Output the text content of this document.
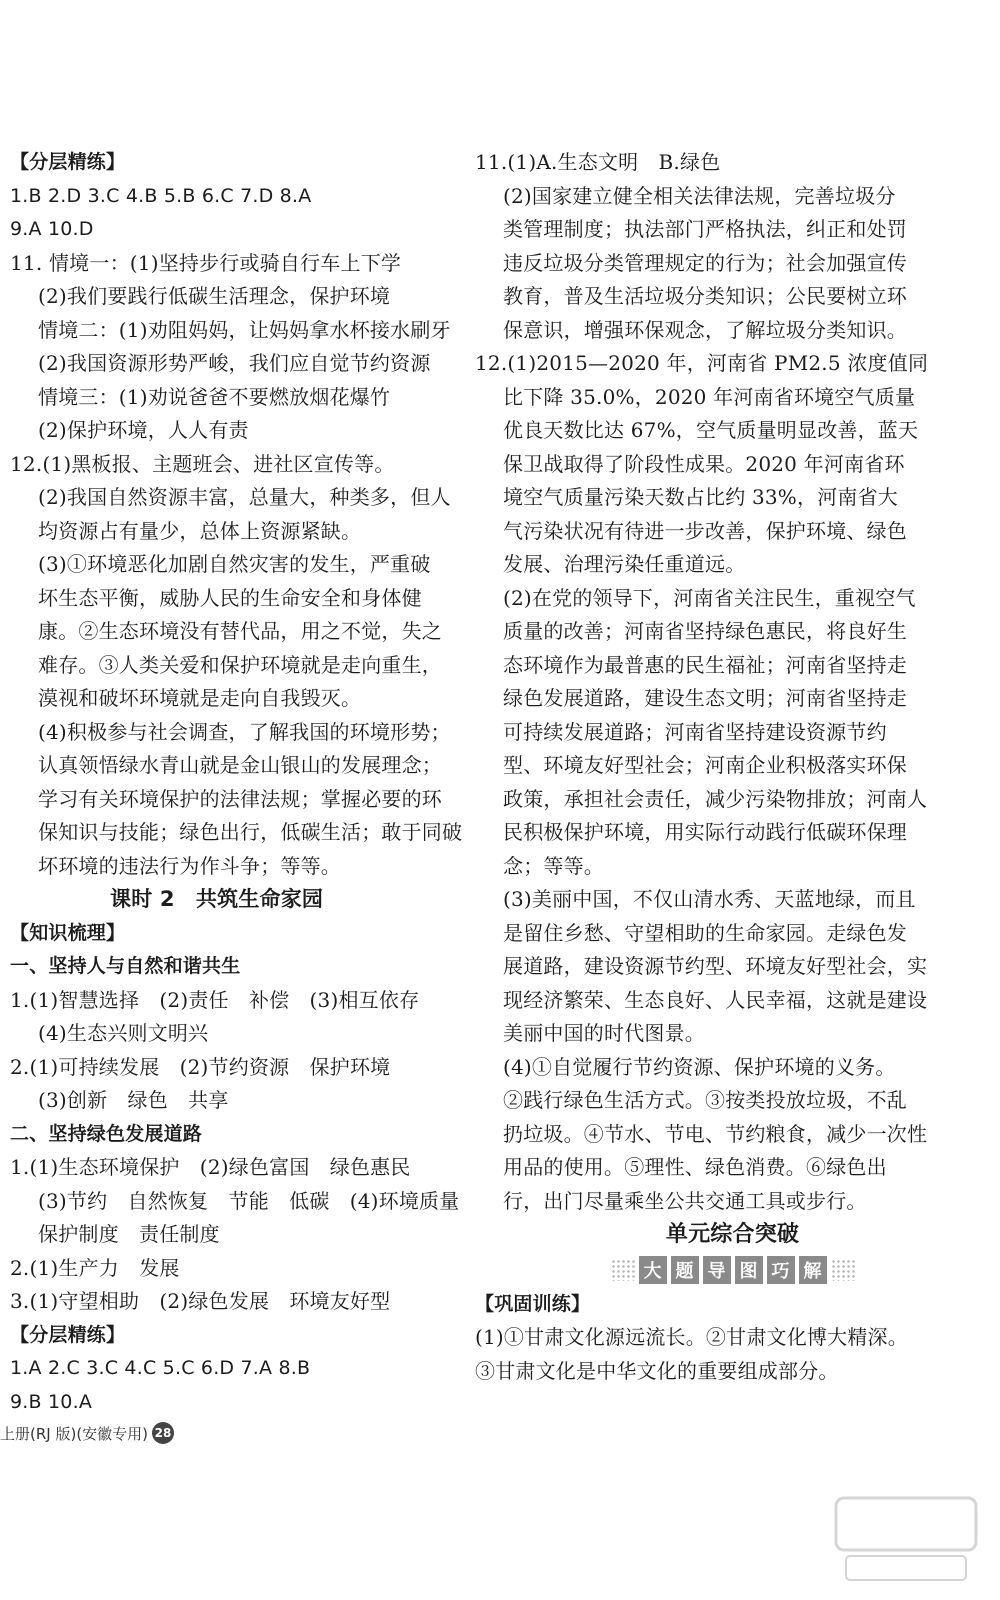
【分层精练】
1.B 2.D 3.C 4.B 5.B 6.C 7.D 8.A
9.A 10.D
11. 情境一：(1)坚持步行或骑自行车上下学
(2)我们要践行低碳生活理念，保护环境
情境二：(1)劝阻妈妈，让妈妈拿水杯接水刷牙
(2)我国资源形势严峻，我们应自觉节约资源
情境三：(1)劝说爸爸不要燃放烟花爆竹
(2)保护环境，人人有责
12.(1)黑板报、主题班会、进社区宣传等。
(2)我国自然资源丰富，总量大，种类多，但人
均资源占有量少，总体上资源紧缺。
(3)①环境恶化加剧自然灾害的发生，严重破
坏生态平衡，威胁人民的生命安全和身体健
康。②生态环境没有替代品，用之不觉，失之
难存。③人类关爱和保护环境就是走向重生，
漠视和破坏环境就是走向自我毁灭。
(4)积极参与社会调查，了解我国的环境形势；
认真领悟绿水青山就是金山银山的发展理念；
学习有关环境保护的法律法规；掌握必要的环
保知识与技能；绿色出行，低碳生活；敢于同破
坏环境的违法行为作斗争；等等。
课时 2　共筑生命家园
【知识梳理】
一、坚持人与自然和谐共生
1.(1)智慧选择　(2)责任　补偿　(3)相互依存
(4)生态兴则文明兴
2.(1)可持续发展　(2)节约资源　保护环境
(3)创新　绿色　共享
二、坚持绿色发展道路
1.(1)生态环境保护　(2)绿色富国　绿色惠民
(3)节约　自然恢复　节能　低碳　(4)环境质量
保护制度　责任制度
2.(1)生产力　发展
3.(1)守望相助　(2)绿色发展　环境友好型
【分层精练】
1.A 2.C 3.C 4.C 5.C 6.D 7.A 8.B
9.B 10.A
11.(1)A.生态文明　B.绿色
(2)国家建立健全相关法律法规，完善垃圾分
类管理制度；执法部门严格执法，纠正和处罚
违反垃圾分类管理规定的行为；社会加强宣传
教育，普及生活垃圾分类知识；公民要树立环
保意识，增强环保观念，了解垃圾分类知识。
12.(1)2015—2020 年，河南省 PM2.5 浓度值同
比下降 35.0%，2020 年河南省环境空气质量
优良天数比达 67%，空气质量明显改善，蓝天
保卫战取得了阶段性成果。2020 年河南省环
境空气质量污染天数占比约 33%，河南省大
气污染状况有待进一步改善，保护环境、绿色
发展、治理污染任重道远。
(2)在党的领导下，河南省关注民生，重视空气
质量的改善；河南省坚持绿色惠民，将良好生
态环境作为最普惠的民生福祉；河南省坚持走
绿色发展道路，建设生态文明；河南省坚持走
可持续发展道路；河南省坚持建设资源节约
型、环境友好型社会；河南企业积极落实环保
政策，承担社会责任，减少污染物排放；河南人
民积极保护环境，用实际行动践行低碳环保理
念；等等。
(3)美丽中国，不仅山清水秀、天蓝地绿，而且
是留住乡愁、守望相助的生命家园。走绿色发
展道路，建设资源节约型、环境友好型社会，实
现经济繁荣、生态良好、人民幸福，这就是建设
美丽中国的时代图景。
(4)①自觉履行节约资源、保护环境的义务。
②践行绿色生活方式。③按类投放垃圾，不乱
扔垃圾。④节水、节电、节约粮食，减少一次性
用品的使用。⑤理性、绿色消费。⑥绿色出
行，出门尽量乘坐公共交通工具或步行。
单元综合突破
大 题 导 图 巧 解
【巩固训练】
(1)①甘肃文化源远流长。②甘肃文化博大精深。
③甘肃文化是中华文化的重要组成部分。
上册(RJ 版)(安徽专用) 28
